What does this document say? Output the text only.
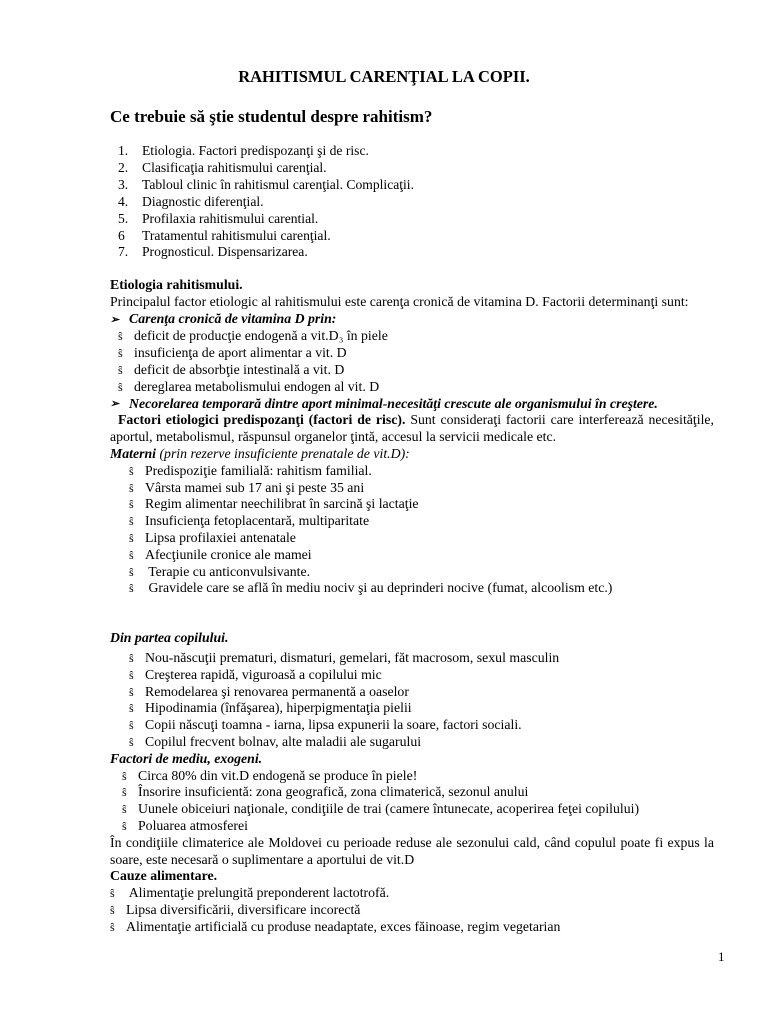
RAHITISMUL CARENŢIAL LA COPII.
Ce trebuie să ştie studentul despre rahitism?
1. Etiologia. Factori predispozanţi şi de risc.
2. Clasificaţia rahitismului carenţial.
3. Tabloul clinic în rahitismul carenţial. Complicaţii.
4. Diagnostic diferenţial.
5. Profilaxia rahitismului carential.
6 Tratamentul rahitismului carenţial.
7. Prognosticul. Dispensarizarea.
Etiologia rahitismului.
Principalul factor etiologic al rahitismului este carenţa cronică de vitamina D. Factorii determinanţi sunt:
➢ Carenţa cronică de vitamina D prin:
ŝ deficit de producţie endogenă a vit.D₃ în piele
ŝ insuficienţa de aport alimentar a vit. D
ŝ deficit de absorbţie intestinală a vit. D
ŝ dereglarea metabolismului endogen al vit. D
➢ Necorelarea temporară dintre aport minimal-necesităţi crescute ale organismului în creştere.
Factori etiologici predispozanţi (factori de risc). Sunt consideraţi factorii care interferează necesităţile, aportul, metabolismul, răspunsul organelor ţintă, accesul la servicii medicale etc.
Materni (prin rezerve insuficiente prenatale de vit.D):
ŝ Predispoziţie familială: rahitism familial.
ŝ Vârsta mamei sub 17 ani şi peste 35 ani
ŝ Regim alimentar neechilibrat în sarcină şi lactaţie
ŝ Insuficienţa fetoplacentară, multiparitate
ŝ Lipsa profilaxiei antenatale
ŝ Afecţiunile cronice ale mamei
ŝ Terapie cu anticonvulsivante.
ŝ Gravidele care se află în mediu nociv şi au deprinderi nocive (fumat, alcoolism etc.)
Din partea copilului.
ŝ Nou-născuţii prematuri, dismaturi, gemelari, făt macrosom, sexul masculin
ŝ Creşterea rapidă, viguroasă a copilului mic
ŝ Remodelarea şi renovarea permanentă a oaselor
ŝ Hipodinamia (înfăşarea), hiperpigmentaţia pielii
ŝ Copii născuţi toamna - iarna, lipsa expunerii la soare, factori sociali.
ŝ Copilul frecvent bolnav, alte maladii ale sugarului
Factori de mediu, exogeni.
ŝ Circa 80% din vit.D endogenă se produce în piele!
ŝ Însorire insuficientă: zona geografică, zona climaterică, sezonul anului
ŝ Uunele obiceiuri naţionale, condiţiile de trai (camere întunecate, acoperirea feţei copilului)
ŝ Poluarea atmosferei
În condiţiile climaterice ale Moldovei cu perioade reduse ale sezonului cald, când copulul poate fi expus la soare, este necesară o suplimentare a aportului de vit.D
Cauze alimentare.
ŝ Alimentaţie prelungită preponderent lactotrofă.
ŝ Lipsa diversificării, diversificare incorectă
ŝ Alimentaţie artificială cu produse neadaptate, exces făinoase, regim vegetarian
1
